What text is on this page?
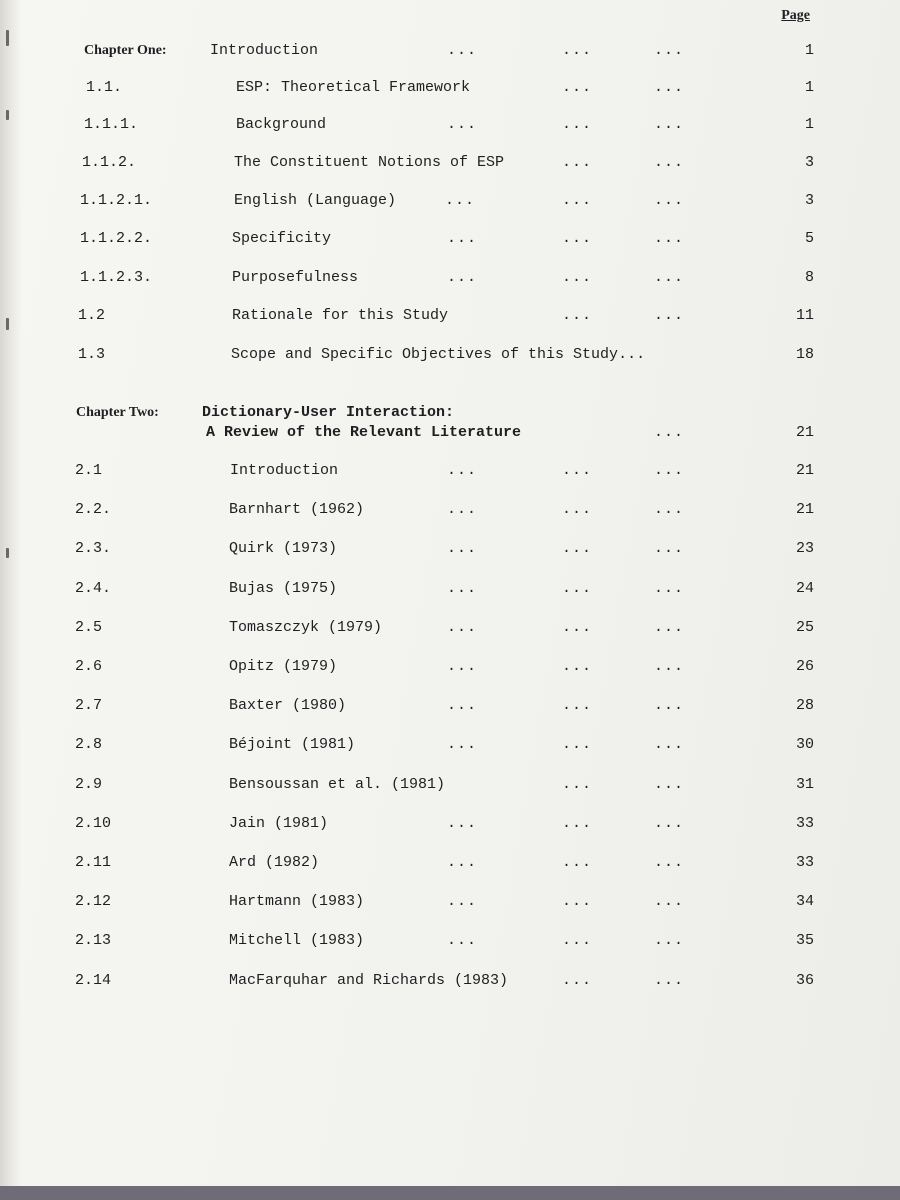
Page
Chapter One:	Introduction	...	...	...	1
1.1.	ESP: Theoretical Framework	...	...	1
1.1.1.	Background	...	...	...	1
1.1.2.	The Constituent Notions of ESP	...	...	3
1.1.2.1.	English (Language)	...	...	...	3
1.1.2.2.	Specificity	...	...	...	5
1.1.2.3.	Purposefulness	...	...	...	8
1.2	Rationale for this Study	...	...	11
1.3	Scope and Specific Objectives of this Study...	18
Chapter Two:	Dictionary-User Interaction:
A Review of the Relevant Literature	...	21
2.1	Introduction	...	...	...	21
2.2.	Barnhart (1962)	...	...	...	21
2.3.	Quirk (1973)	...	...	...	23
2.4.	Bujas (1975)	...	...	...	24
2.5	Tomaszczyk (1979)	...	...	...	25
2.6	Opitz (1979)	...	...	...	26
2.7	Baxter (1980)	...	...	...	28
2.8	Béjoint (1981)	...	...	...	30
2.9	Bensoussan et al. (1981)	...	...	31
2.10	Jain (1981)	...	...	...	33
2.11	Ard (1982)	...	...	...	33
2.12	Hartmann (1983)	...	...	...	34
2.13	Mitchell (1983)	...	...	...	35
2.14	MacFarquhar and Richards (1983)	...	...	36
